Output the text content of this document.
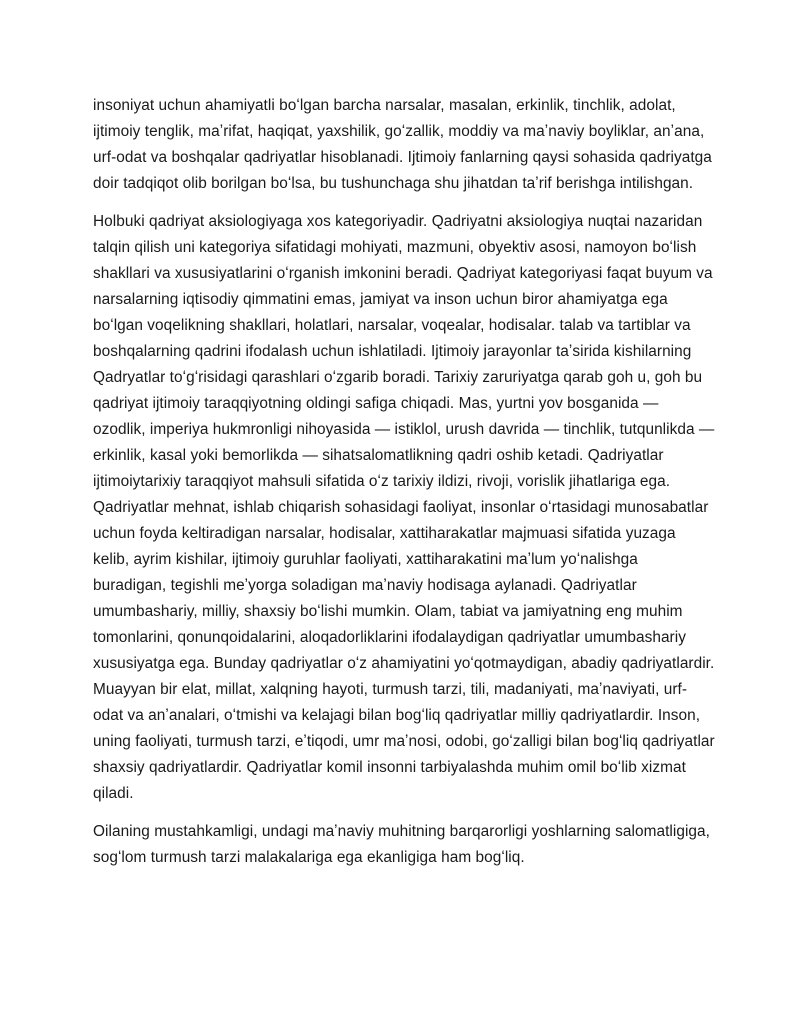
insoniyat uchun ahamiyatli boʻlgan barcha narsalar, masalan, erkinlik, tinchlik, adolat, ijtimoiy tenglik, maʼrifat, haqiqat, yaxshilik, goʻzallik, moddiy va maʼnaviy boyliklar, anʼana, urf-odat va boshqalar qadriyatlar hisoblanadi. Ijtimoiy fanlarning qaysi sohasida qadriyatga doir tadqiqot olib borilgan boʻlsa, bu tushunchaga shu jihatdan taʼrif berishga intilishgan.

Holbuki qadriyat aksiologiyaga xos kategoriyadir. Qadriyatni aksiologiya nuqtai nazaridan talqin qilish uni kategoriya sifatidagi mohiyati, mazmuni, obyektiv asosi, namoyon boʻlish shakllari va xususiyatlarini oʻrganish imkonini beradi. Qadriyat kategoriyasi faqat buyum va narsalarning iqtisodiy qimmatini emas, jamiyat va inson uchun biror ahamiyatga ega boʻlgan voqelikning shakllari, holatlari, narsalar, voqealar, hodisalar. talab va tartiblar va boshqalarning qadrini ifodalash uchun ishlatiladi. Ijtimoiy jarayonlar taʼsirida kishilarning Qadryatlar toʻgʻrisidagi qarashlari oʻzgarib boradi. Tarixiy zaruriyatga qarab goh u, goh bu qadriyat ijtimoiy taraqqiyotning oldingi safiga chiqadi. Mas, yurtni yov bosganida — ozodlik, imperiya hukmronligi nihoyasida — istiklol, urush davrida — tinchlik, tutqunlikda — erkinlik, kasal yoki bemorlikda — sihatsalomatlikning qadri oshib ketadi. Qadriyatlar ijtimoiytarixiy taraqqiyot mahsuli sifatida oʻz tarixiy ildizi, rivoji, vorislik jihatlariga ega. Qadriyatlar mehnat, ishlab chiqarish sohasidagi faoliyat, insonlar oʻrtasidagi munosabatlar uchun foyda keltiradigan narsalar, hodisalar, xattiharakatlar majmuasi sifatida yuzaga kelib, ayrim kishilar, ijtimoiy guruhlar faoliyati, xattiharakatini maʼlum yoʻnalishga buradigan, tegishli meʼyorga soladigan maʼnaviy hodisaga aylanadi. Qadriyatlar umumbashariy, milliy, shaxsiy boʻlishi mumkin. Olam, tabiat va jamiyatning eng muhim tomonlarini, qonunqoidalarini, aloqadorliklarini ifodalaydigan qadriyatlar umumbashariy xususiyatga ega. Bunday qadriyatlar oʻz ahamiyatini yoʻqotmaydigan, abadiy qadriyatlardir. Muayyan bir elat, millat, xalqning hayoti, turmush tarzi, tili, madaniyati, maʼnaviyati, urf-odat va anʼanalari, oʻtmishi va kelajagi bilan bogʻliq qadriyatlar milliy qadriyatlardir. Inson, uning faoliyati, turmush tarzi, eʼtiqodi, umr maʼnosi, odobi, goʻzalligi bilan bogʻliq qadriyatlar shaxsiy qadriyatlardir. Qadriyatlar komil insonni tarbiyalashda muhim omil boʻlib xizmat qiladi.

Oilaning mustahkamligi, undagi maʼnaviy muhitning barqarorligi yoshlarning salomatligiga, sogʻlom turmush tarzi malakalariga ega ekanligiga ham bogʻliq.
